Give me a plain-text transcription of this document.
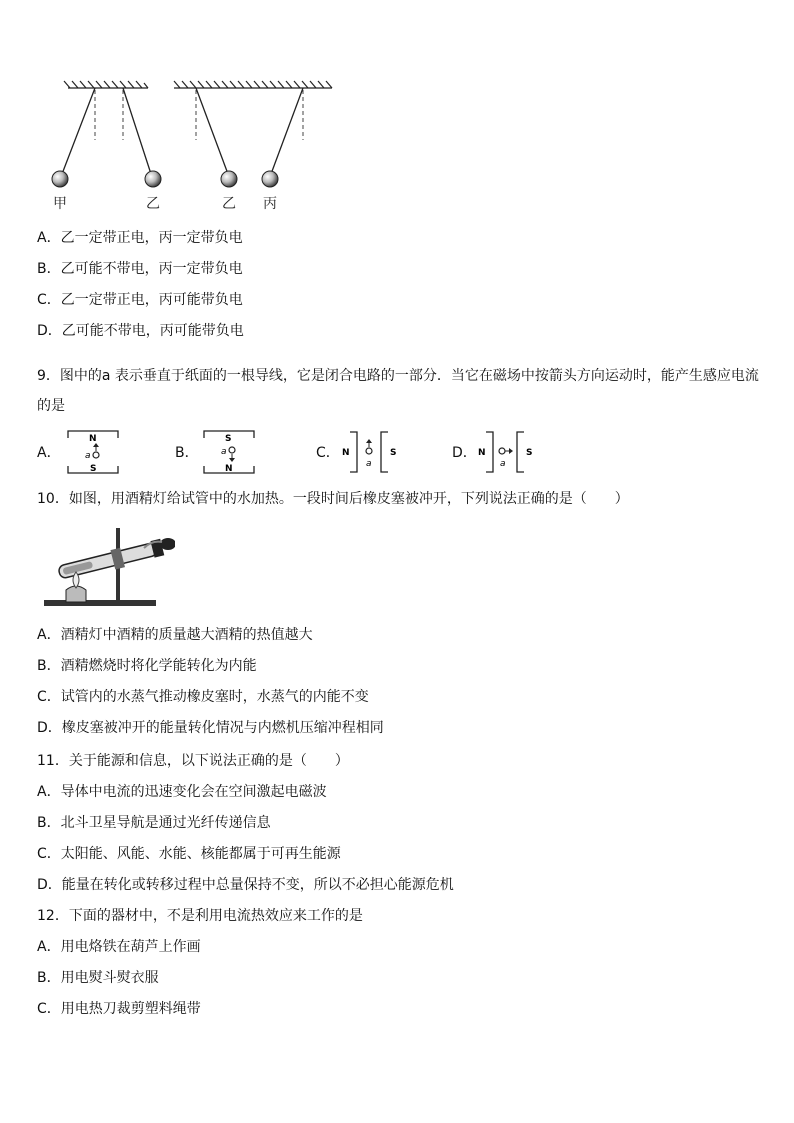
甲	乙	乙 丙
A．乙一定带正电，丙一定带负电
B．乙可能不带电，丙一定带负电
C．乙一定带正电，丙可能带负电
D．乙可能不带电，丙可能带负电
9．图中的a 表示垂直于纸面的一根导线，它是闭合电路的一部分．当它在磁场中按箭头方向运动时，能产生感应电流
的是
A．
N
S
a	B．
S
N
a	C． N	S
a
D． N	S
a
10．如图，用酒精灯给试管中的水加热。一段时间后橡皮塞被冲开，下列说法正确的是（　　）
A．酒精灯中酒精的质量越大酒精的热值越大
B．酒精燃烧时将化学能转化为内能
C．试管内的水蒸气推动橡皮塞时，水蒸气的内能不变
D．橡皮塞被冲开的能量转化情况与内燃机压缩冲程相同
11．关于能源和信息，以下说法正确的是（　　）
A．导体中电流的迅速变化会在空间激起电磁波
B．北斗卫星导航是通过光纤传递信息
C．太阳能、风能、水能、核能都属于可再生能源
D．能量在转化或转移过程中总量保持不变，所以不必担心能源危机
12．下面的器材中，不是利用电流热效应来工作的是
A．用电烙铁在葫芦上作画
B．用电熨斗熨衣服
C．用电热刀裁剪塑料绳带
